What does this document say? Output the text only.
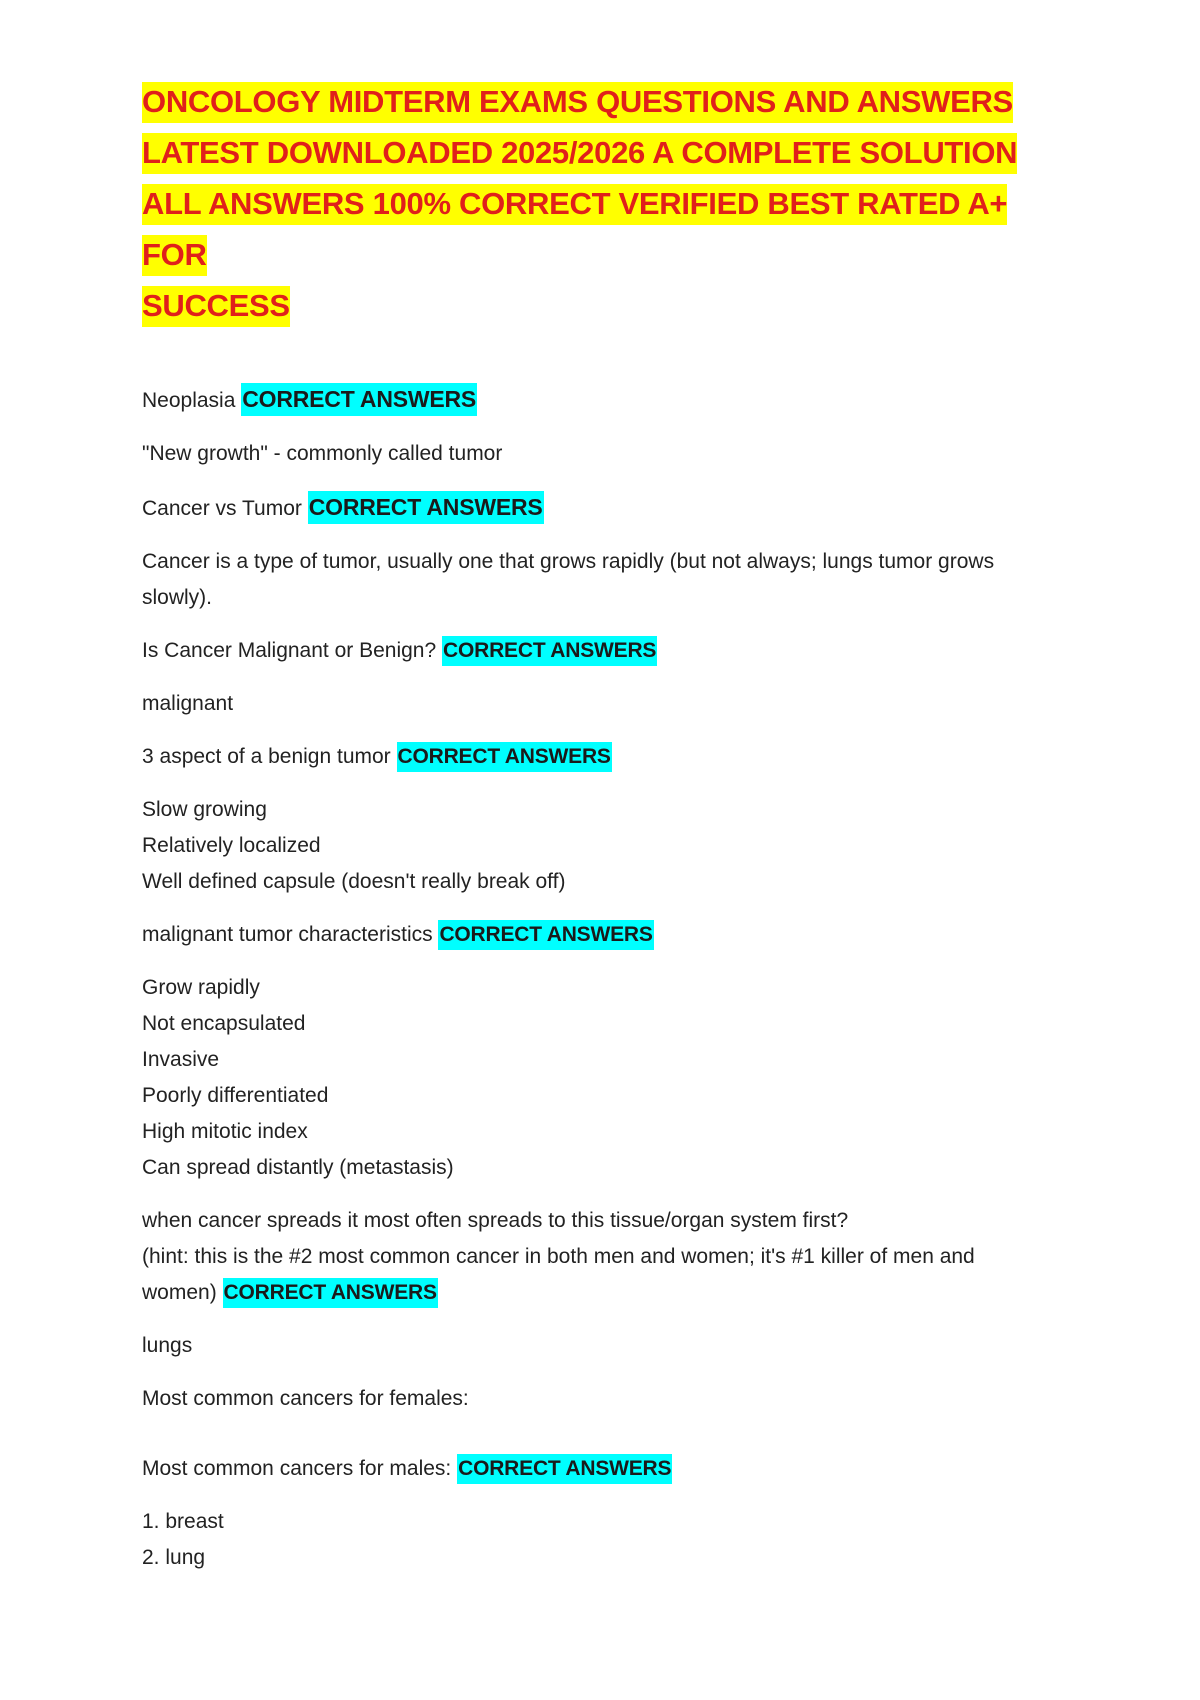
ONCOLOGY MIDTERM EXAMS QUESTIONS AND ANSWERS
LATEST DOWNLOADED 2025/2026 A COMPLETE SOLUTION
ALL ANSWERS 100% CORRECT VERIFIED BEST RATED A+ FOR
SUCCESS

Neoplasia CORRECT ANSWERS

"New growth" - commonly called tumor

Cancer vs Tumor CORRECT ANSWERS

Cancer is a type of tumor, usually one that grows rapidly (but not always; lungs tumor grows

slowly).

Is Cancer Malignant or Benign? CORRECT ANSWERS

malignant

3 aspect of a benign tumor CORRECT ANSWERS

Slow growing

Relatively localized

Well defined capsule (doesn't really break off)

malignant tumor characteristics CORRECT ANSWERS

Grow rapidly

Not encapsulated

Invasive

Poorly differentiated

High mitotic index

Can spread distantly (metastasis)

when cancer spreads it most often spreads to this tissue/organ system first?

(hint: this is the #2 most common cancer in both men and women; it's #1 killer of men and

women) CORRECT ANSWERS

lungs

Most common cancers for females:

Most common cancers for males: CORRECT ANSWERS

1. breast

2. lung
